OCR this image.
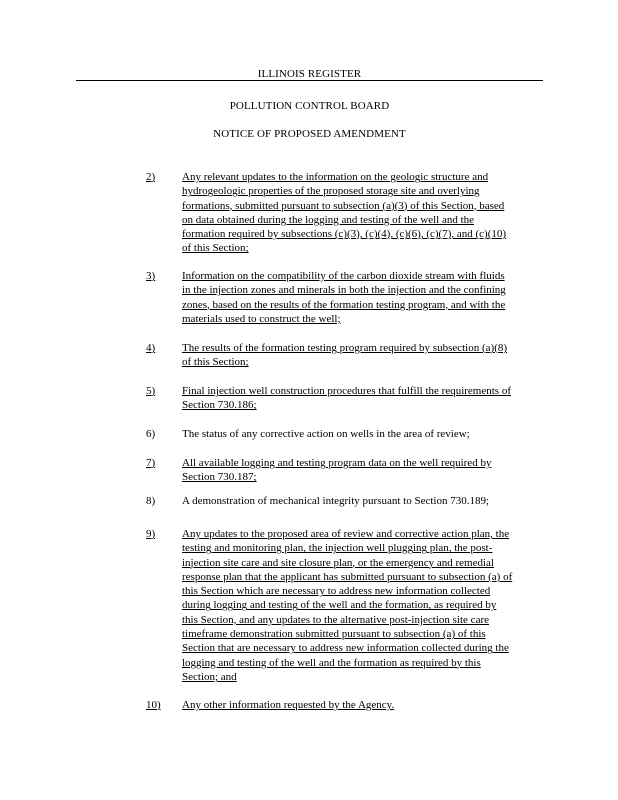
ILLINOIS REGISTER
POLLUTION CONTROL BOARD
NOTICE OF PROPOSED AMENDMENT
2) Any relevant updates to the information on the geologic structure and
hydrogeologic properties of the proposed storage site and overlying
formations, submitted pursuant to subsection (a)(3) of this Section, based
on data obtained during the logging and testing of the well and the
formation required by subsections (c)(3), (c)(4), (c)(6), (c)(7), and (c)(10)
of this Section;
3) Information on the compatibility of the carbon dioxide stream with fluids
in the injection zones and minerals in both the injection and the confining
zones, based on the results of the formation testing program, and with the
materials used to construct the well;
4) The results of the formation testing program required by subsection (a)(8)
of this Section;
5) Final injection well construction procedures that fulfill the requirements of
Section 730.186;
6) The status of any corrective action on wells in the area of review;
7) All available logging and testing program data on the well required by
Section 730.187;
8) A demonstration of mechanical integrity pursuant to Section 730.189;
9) Any updates to the proposed area of review and corrective action plan, the
testing and monitoring plan, the injection well plugging plan, the post-
injection site care and site closure plan, or the emergency and remedial
response plan that the applicant has submitted pursuant to subsection (a) of
this Section which are necessary to address new information collected
during logging and testing of the well and the formation, as required by
this Section, and any updates to the alternative post-injection site care
timeframe demonstration submitted pursuant to subsection (a) of this
Section that are necessary to address new information collected during the
logging and testing of the well and the formation as required by this
Section; and
10) Any other information requested by the Agency.
